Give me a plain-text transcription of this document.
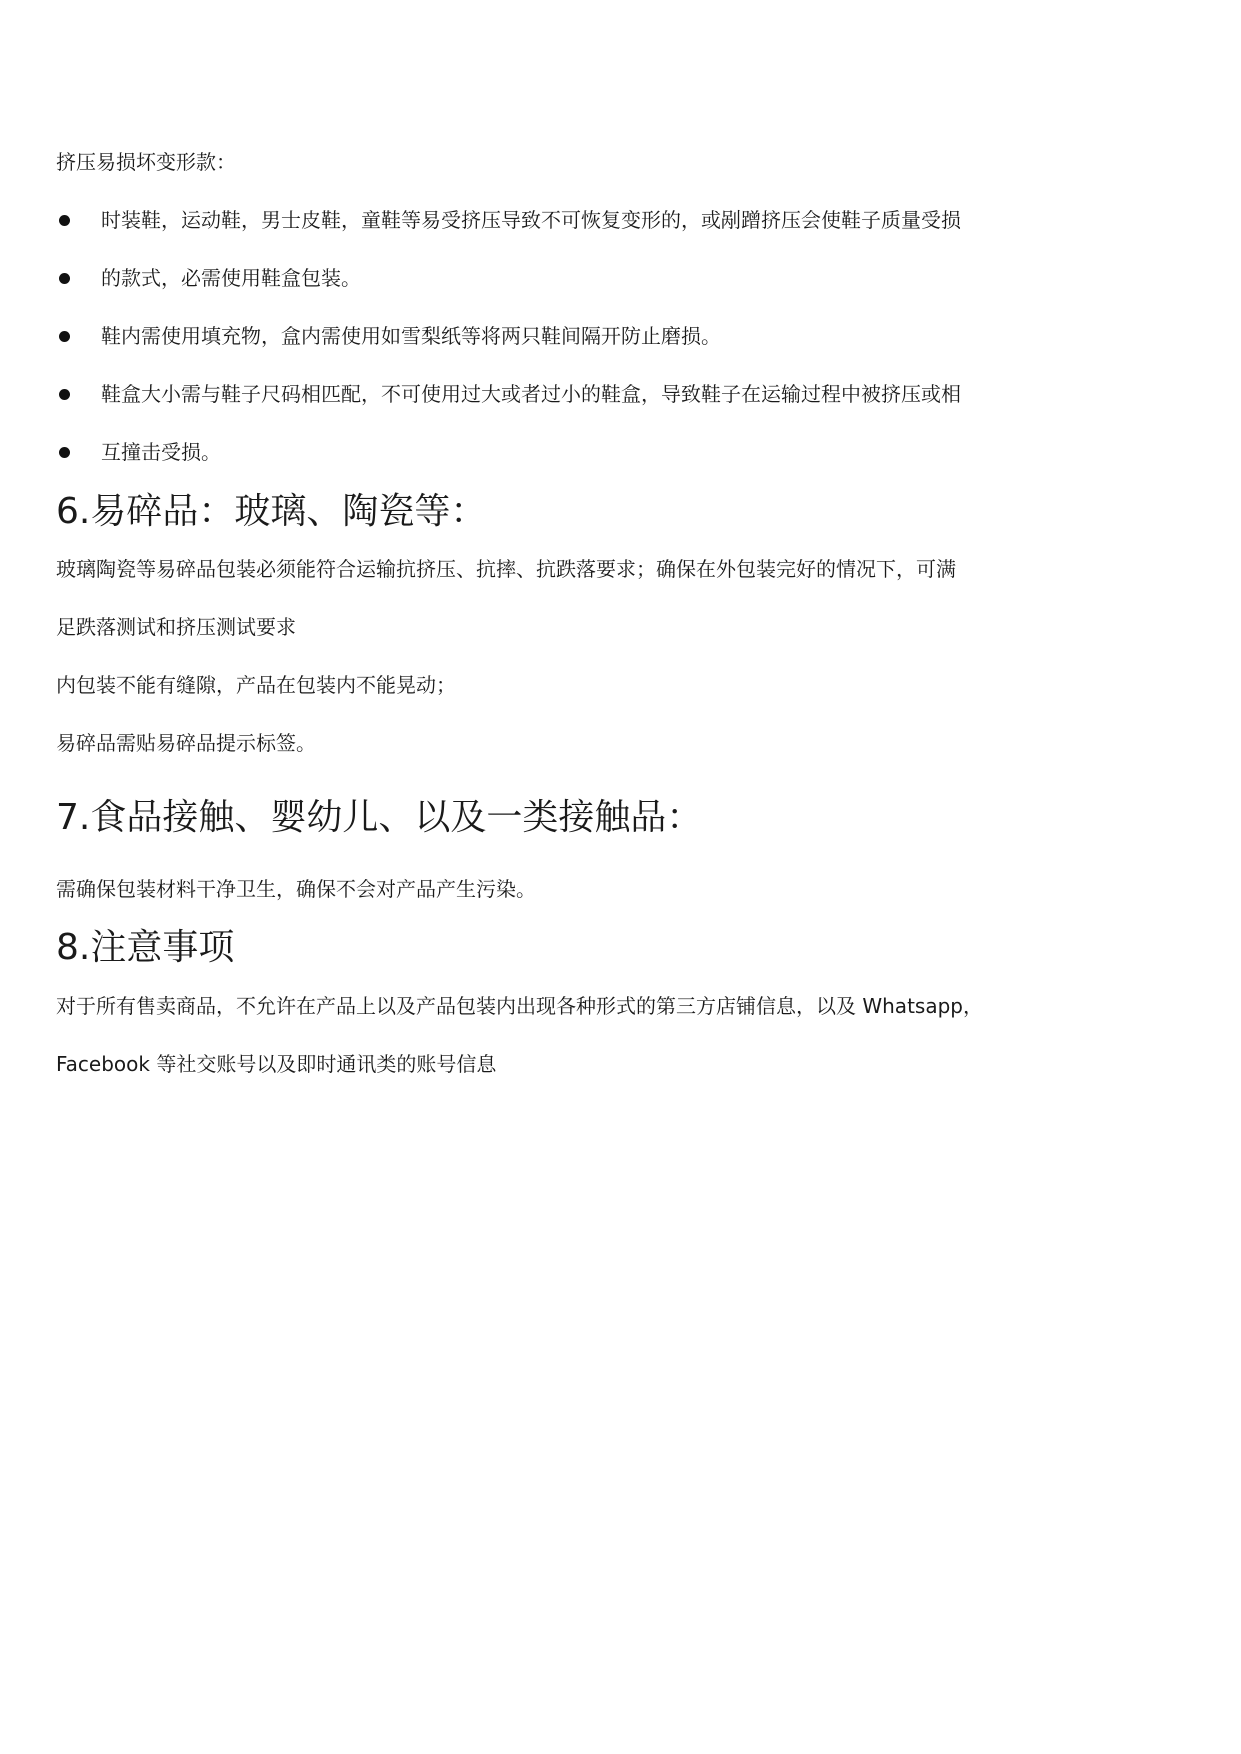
挤压易损坏变形款：
时装鞋，运动鞋，男士皮鞋，童鞋等易受挤压导致不可恢复变形的，或剐蹭挤压会使鞋子质量受损
的款式，必需使用鞋盒包装。
鞋内需使用填充物，盒内需使用如雪梨纸等将两只鞋间隔开防止磨损。
鞋盒大小需与鞋子尺码相匹配，不可使用过大或者过小的鞋盒，导致鞋子在运输过程中被挤压或相
互撞击受损。
6.易碎品：玻璃、陶瓷等：
玻璃陶瓷等易碎品包装必须能符合运输抗挤压、抗摔、抗跌落要求；确保在外包装完好的情况下，可满
足跌落测试和挤压测试要求
内包装不能有缝隙，产品在包装内不能晃动；
易碎品需贴易碎品提示标签。
7.食品接触、婴幼儿、以及一类接触品：
需确保包装材料干净卫生，确保不会对产品产生污染。
8.注意事项
对于所有售卖商品，不允许在产品上以及产品包装内出现各种形式的第三方店铺信息，以及 Whatsapp，
Facebook 等社交账号以及即时通讯类的账号信息
